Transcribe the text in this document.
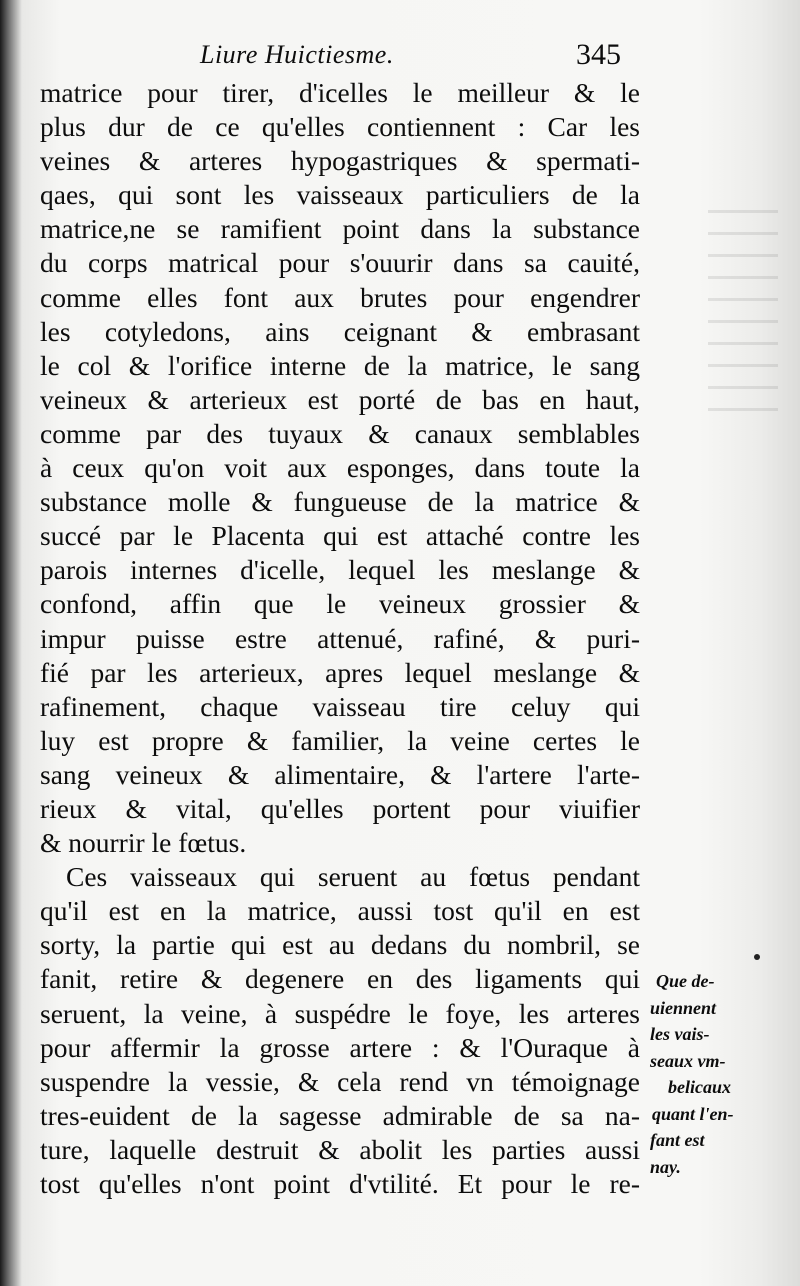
Liure Huictiesme.	345
matrice pour tirer, d'icelles le meilleur & le
plus dur de ce qu'elles contiennent : Car les
veines & arteres hypogastriques & spermati-
qaes, qui sont les vaisseaux particuliers de la
matrice,ne se ramifient point dans la substance
du corps matrical pour s'ouurir dans sa cauité,
comme elles font aux brutes pour engendrer
les cotyledons, ains ceignant & embrasant
le col & l'orifice interne de la matrice, le sang
veineux & arterieux est porté de bas en haut,
comme par des tuyaux & canaux semblables
à ceux qu'on voit aux esponges, dans toute la
substance molle & fungueuse de la matrice &
succé par le Placenta qui est attaché contre les
parois internes d'icelle, lequel les meslange &
confond, affin que le veineux grossier &
impur puisse estre attenué, rafiné, & puri-
fié par les arterieux, apres lequel meslange &
rafinement, chaque vaisseau tire celuy qui
luy est propre & familier, la veine certes le
sang veineux & alimentaire, & l'artere l'arte-
rieux & vital, qu'elles portent pour viuifier
& nourrir le fœtus.
Ces vaisseaux qui seruent au fœtus pendant
qu'il est en la matrice, aussi tost qu'il en est
sorty, la partie qui est au dedans du nombril, se
fanit, retire & degenere en des ligaments qui
seruent, la veine, à suspédre le foye, les arteres
pour affermir la grosse artere : & l'Ouraque à
suspendre la vessie, & cela rend vn témoignage
tres-euident de la sagesse admirable de sa na-
ture, laquelle destruit & abolit les parties aussi
tost qu'elles n'ont point d'vtilité. Et pour le re-
Que de-
uiennent
les vais-
seaux vm-
belicaux
quant l'en-
fant est
nay.
